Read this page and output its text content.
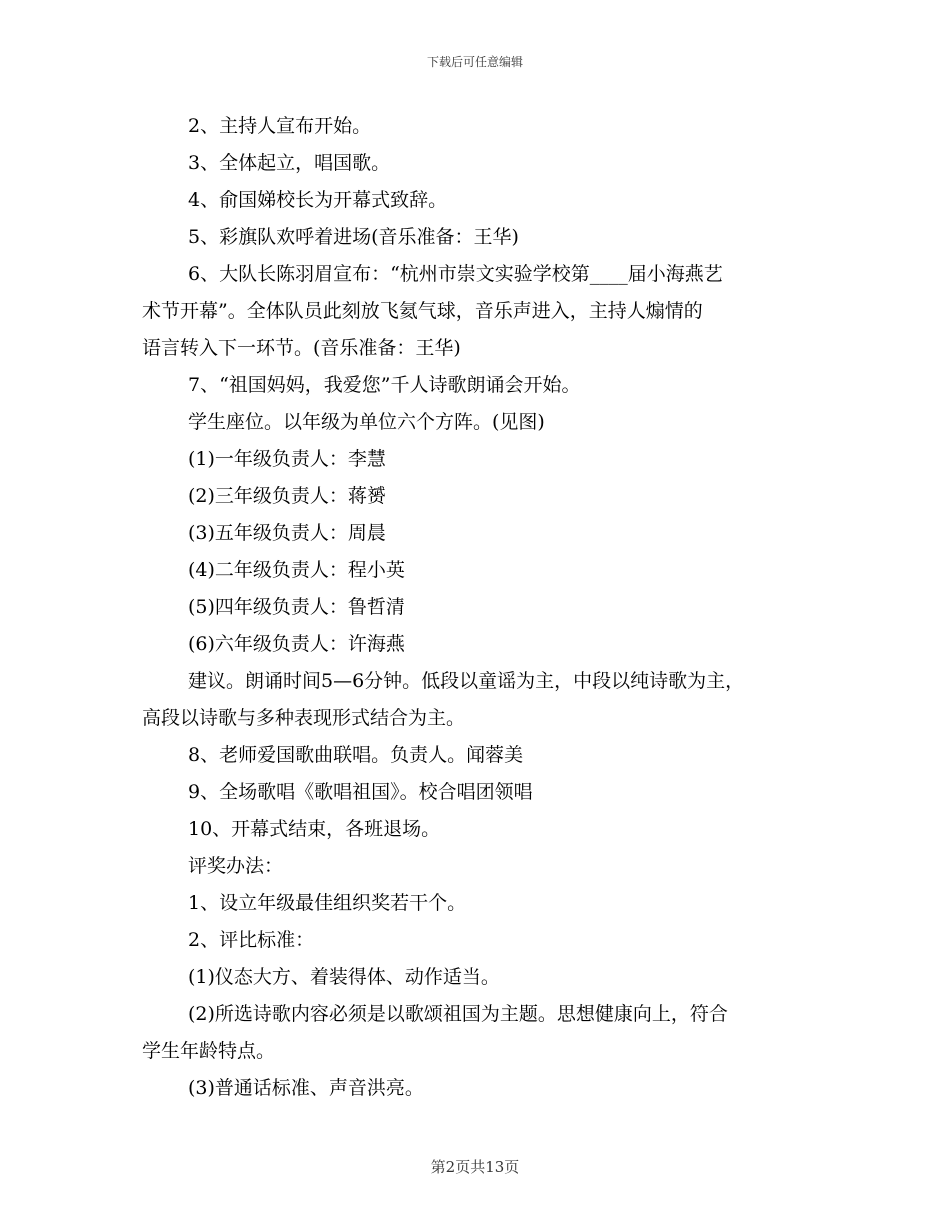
下载后可任意编辑
2、主持人宣布开始。
3、全体起立，唱国歌。
4、俞国娣校长为开幕式致辞。
5、彩旗队欢呼着进场(音乐准备：王华)
6、大队长陈羽眉宣布：“杭州市崇文实验学校第____届小海燕艺
术节开幕”。全体队员此刻放飞氦气球，音乐声进入，主持人煽情的
语言转入下一环节。(音乐准备：王华)
7、“祖国妈妈，我爱您”千人诗歌朗诵会开始。
学生座位。以年级为单位六个方阵。(见图)
(1)一年级负责人：李慧
(2)三年级负责人：蒋赟
(3)五年级负责人：周晨
(4)二年级负责人：程小英
(5)四年级负责人：鲁哲清
(6)六年级负责人：许海燕
建议。朗诵时间5—6分钟。低段以童谣为主，中段以纯诗歌为主，
高段以诗歌与多种表现形式结合为主。
8、老师爱国歌曲联唱。负责人。闻蓉美
9、全场歌唱《歌唱祖国》。校合唱团领唱
10、开幕式结束，各班退场。
评奖办法：
1、设立年级最佳组织奖若干个。
2、评比标准：
(1)仪态大方、着装得体、动作适当。
(2)所选诗歌内容必须是以歌颂祖国为主题。思想健康向上，符合
学生年龄特点。
(3)普通话标准、声音洪亮。
第2页共13页
